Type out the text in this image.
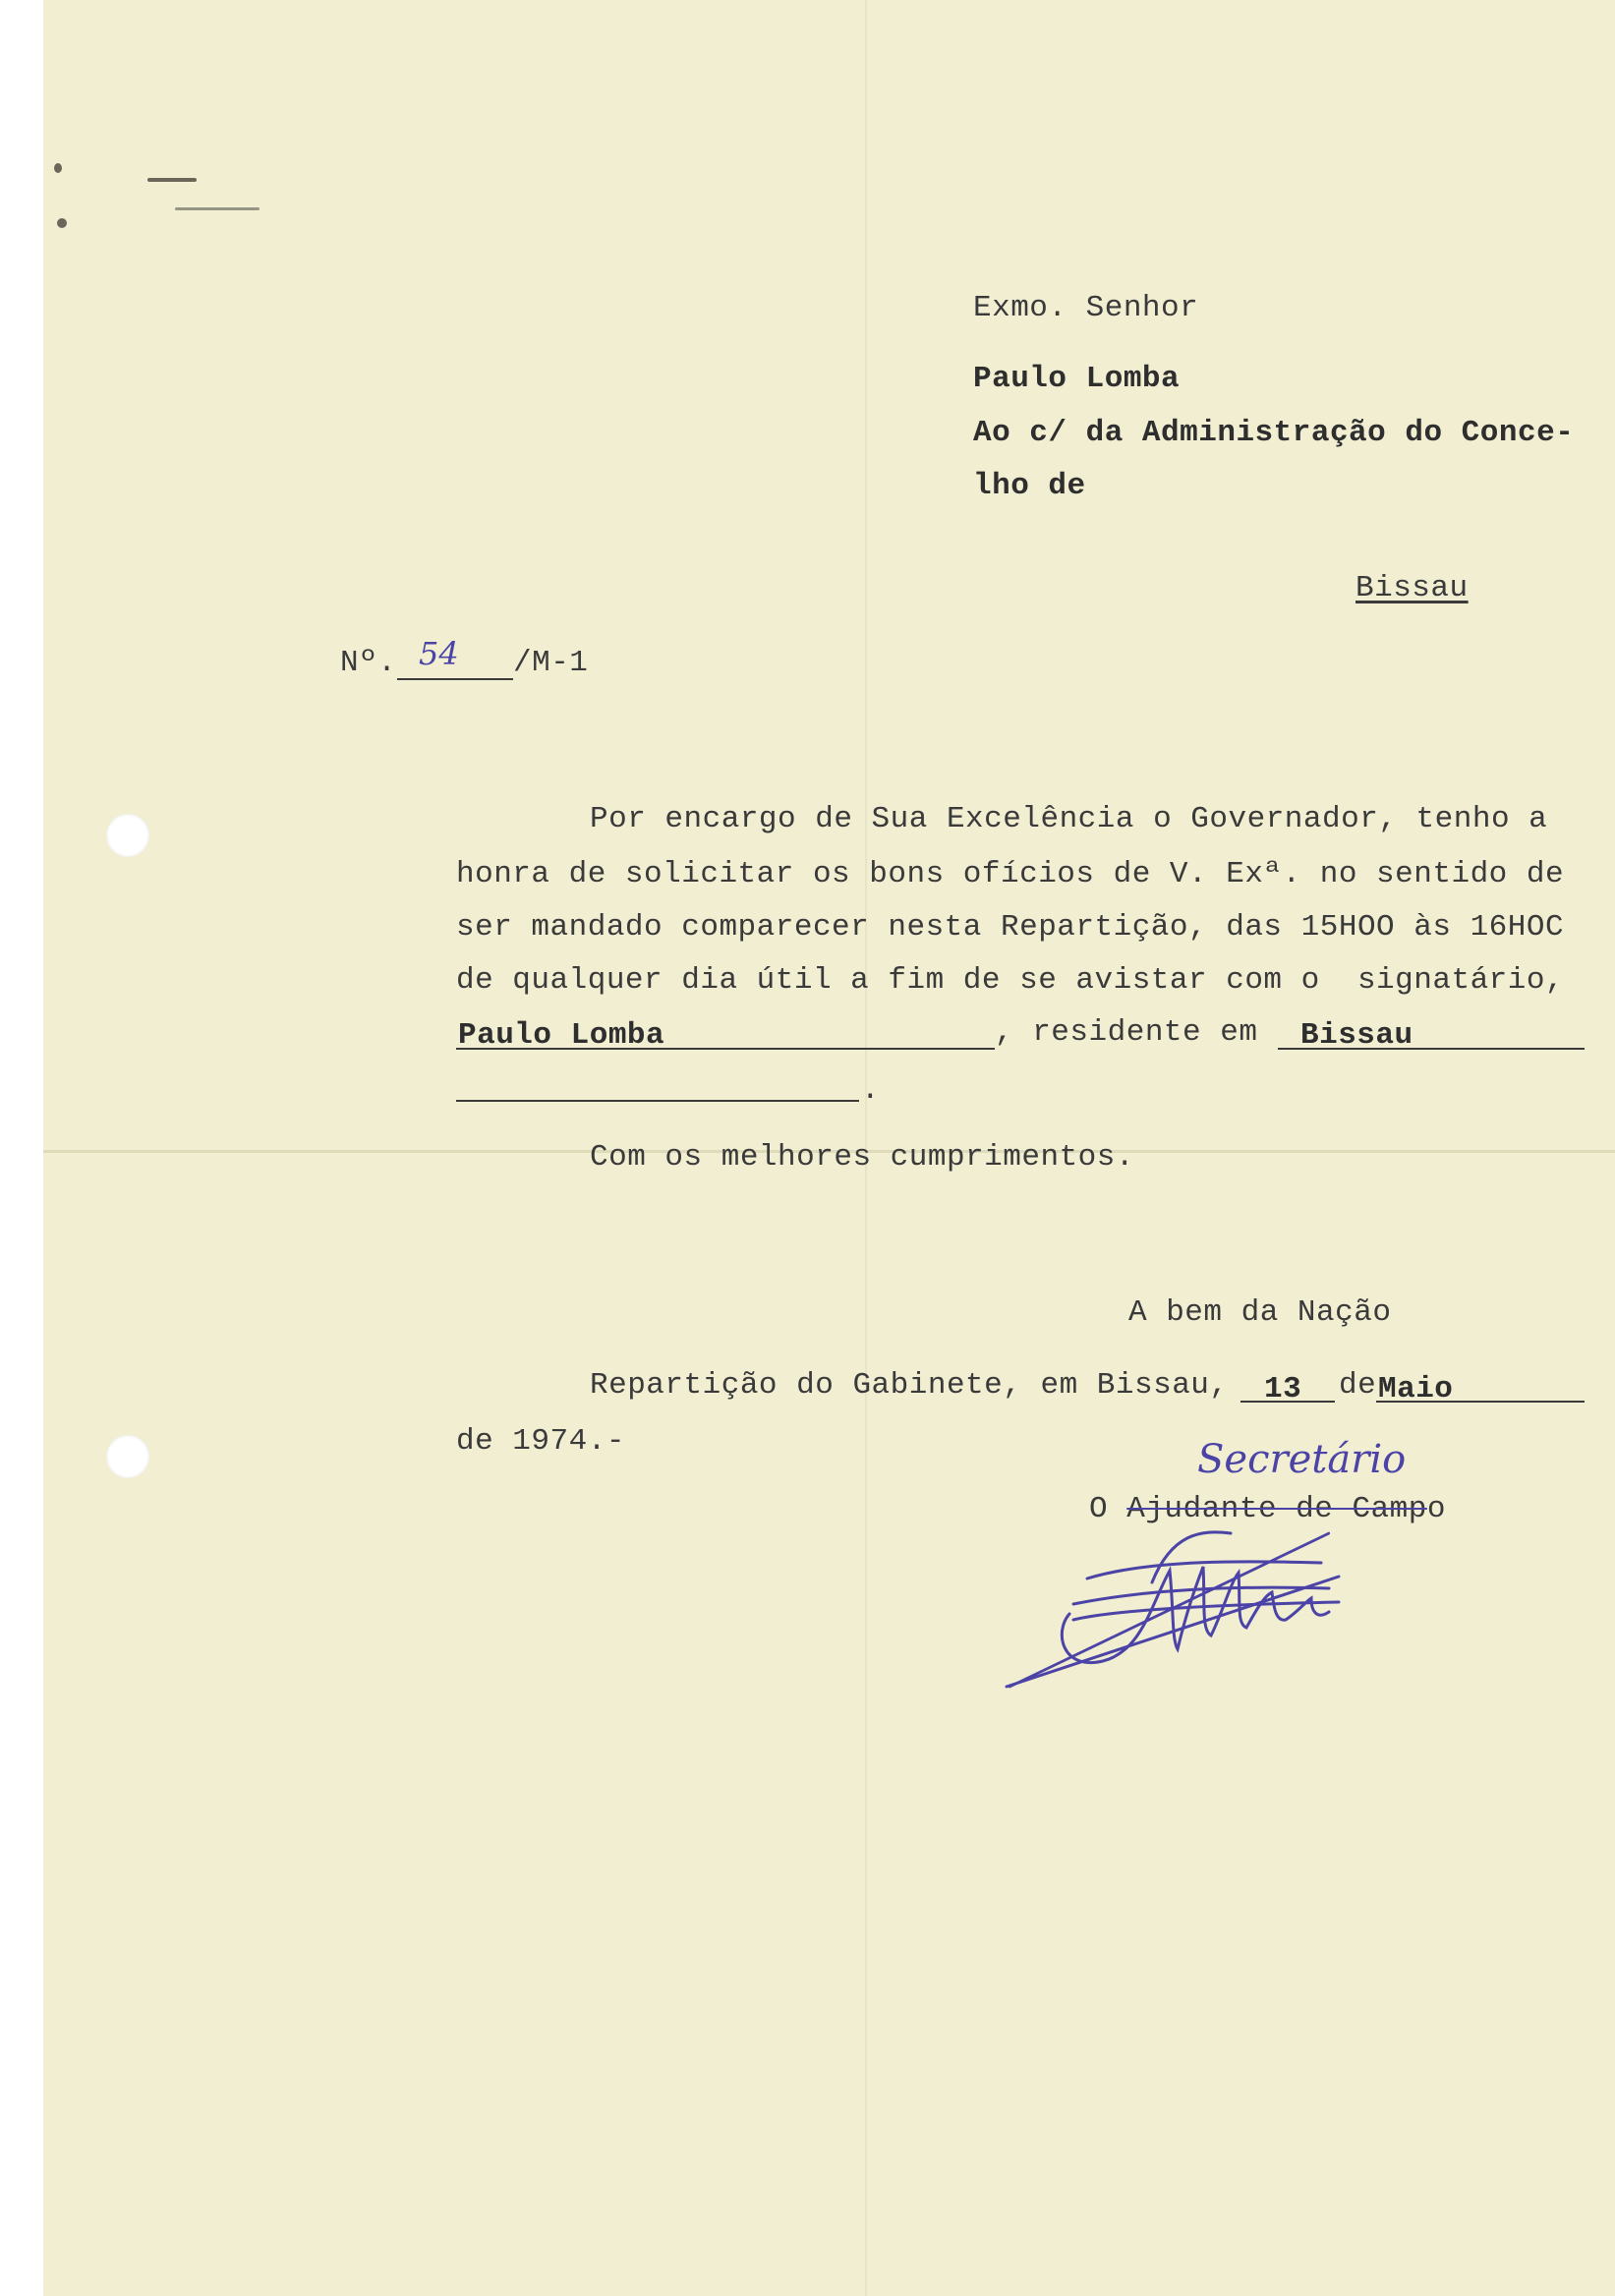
Exmo. Senhor
Paulo Lomba
Ao c/ da Administração do Conce-
lho de
Bissau
Nº. 54 /M-1
Por encargo de Sua Excelência o Governador, tenho a
honra de solicitar os bons ofícios de V. Exª. no sentido de
ser mandado comparecer nesta Repartição, das 15HOO às 16HOC
de qualquer dia útil a fim de se avistar com o  signatário,
Paulo Lomba	, residente em Bissau
.
Com os melhores cumprimentos.
A bem da Nação
Repartição do Gabinete, em Bissau, 13 de Maio
de 1974.-	Secretário
O Ajudante de Campo
